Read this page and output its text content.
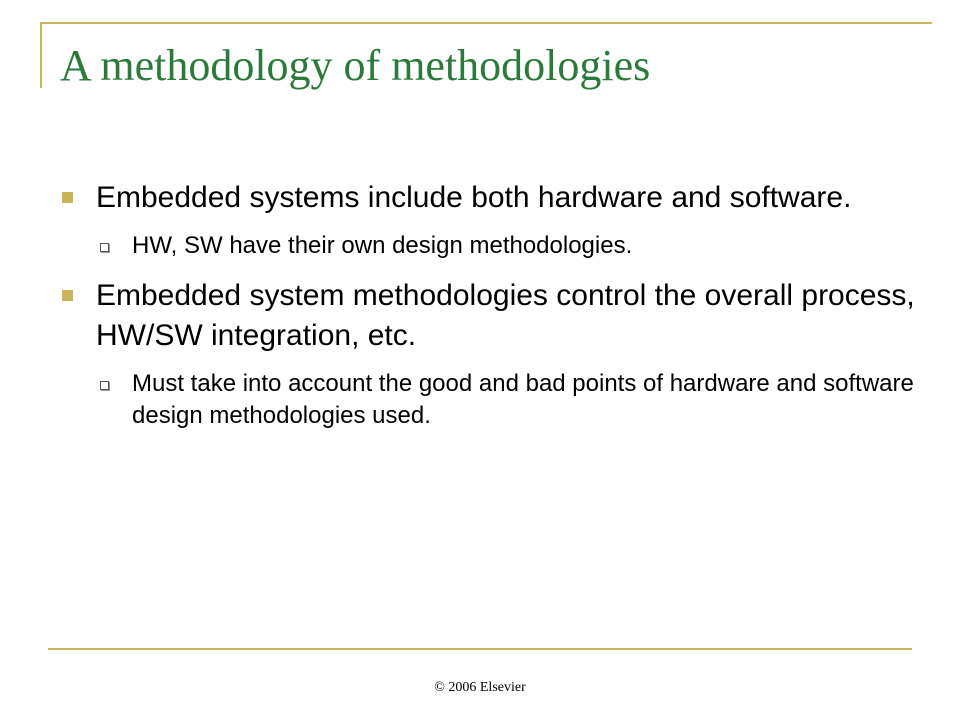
A methodology of methodologies
Embedded systems include both hardware and software.
HW, SW have their own design methodologies.
Embedded system methodologies control the overall process, HW/SW integration, etc.
Must take into account the good and bad points of hardware and software design methodologies used.
© 2006 Elsevier
